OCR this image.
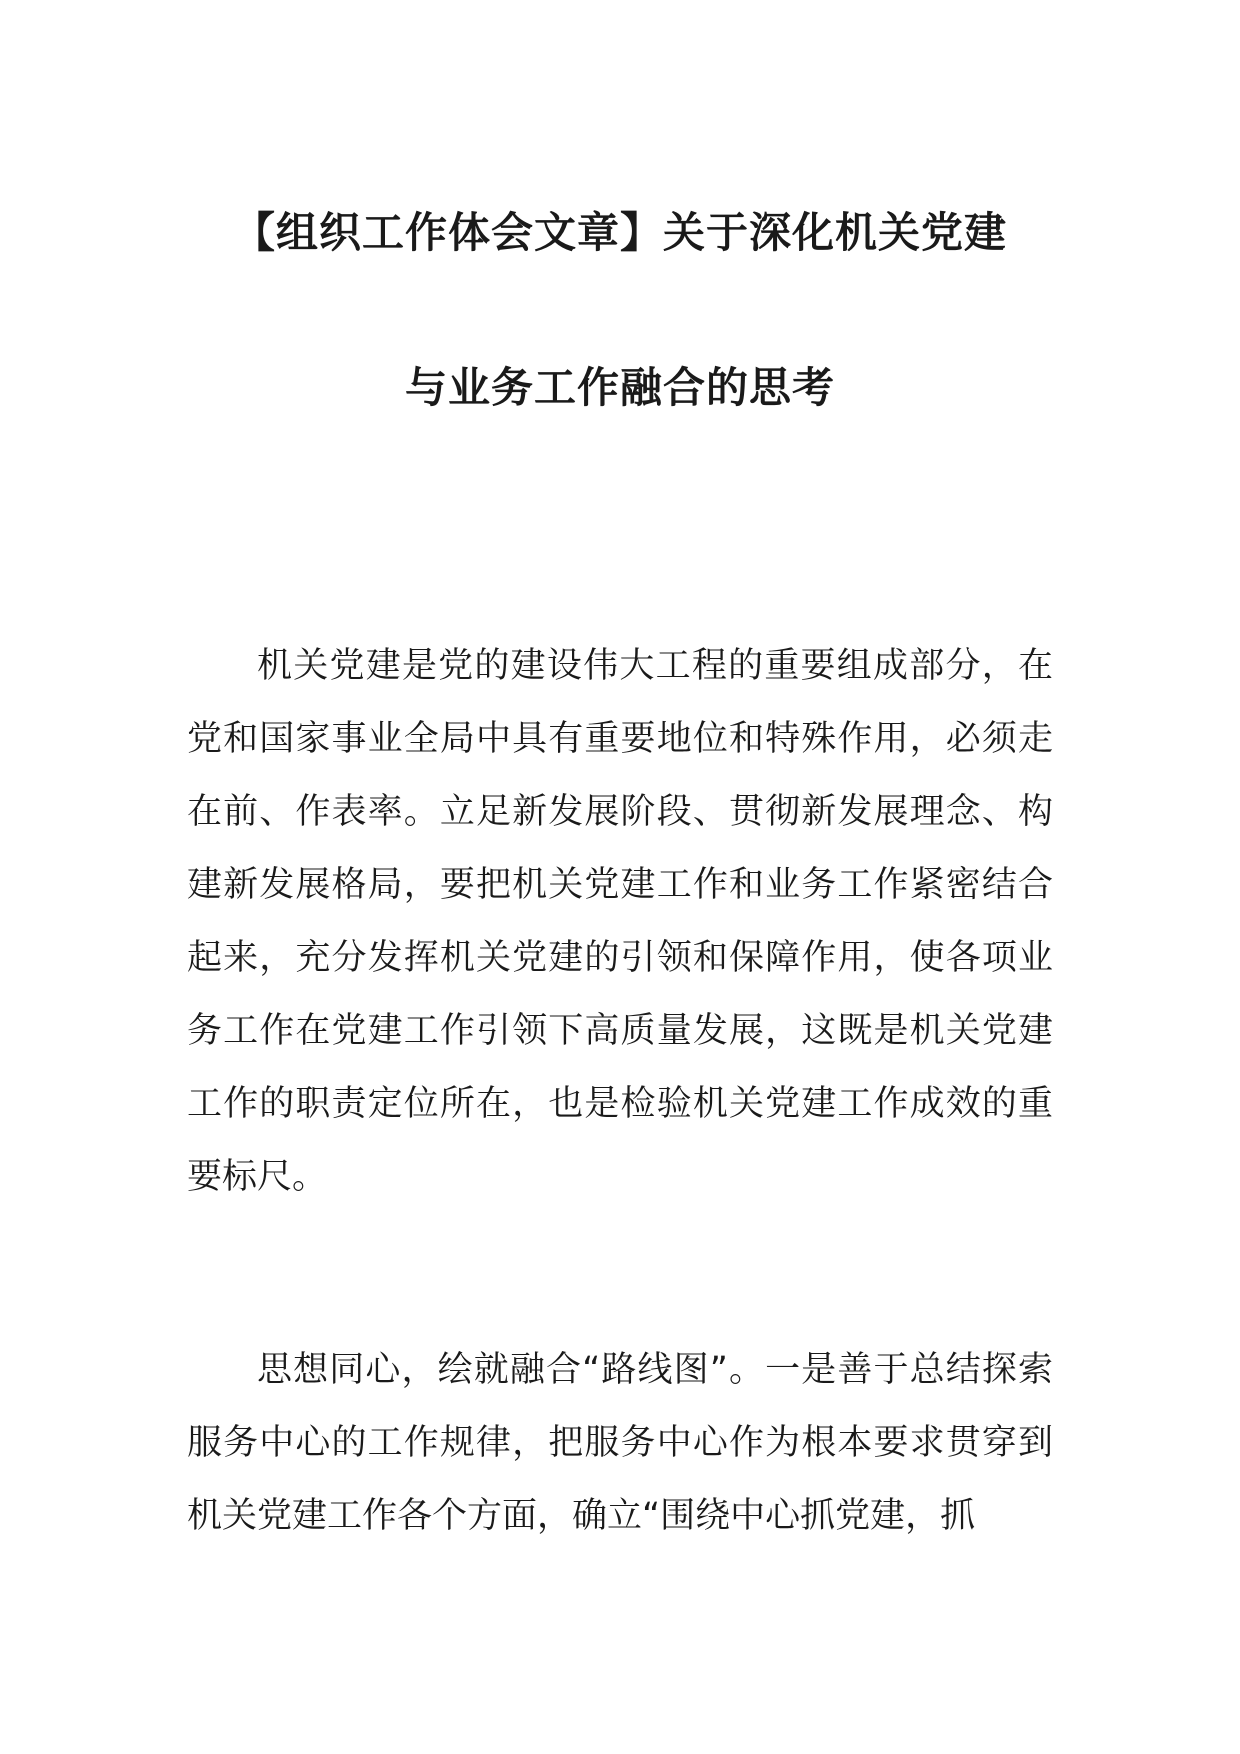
【组织工作体会文章】关于深化机关党建
与业务工作融合的思考

机关党建是党的建设伟大工程的重要组成部分，在党和国家事业全局中具有重要地位和特殊作用，必须走在前、作表率。立足新发展阶段、贯彻新发展理念、构建新发展格局，要把机关党建工作和业务工作紧密结合起来，充分发挥机关党建的引领和保障作用，使各项业务工作在党建工作引领下高质量发展，这既是机关党建工作的职责定位所在，也是检验机关党建工作成效的重要标尺。

思想同心，绘就融合“路线图”。一是善于总结探索服务中心的工作规律，把服务中心作为根本要求贯穿到机关党建工作各个方面，确立“围绕中心抓党建，抓
